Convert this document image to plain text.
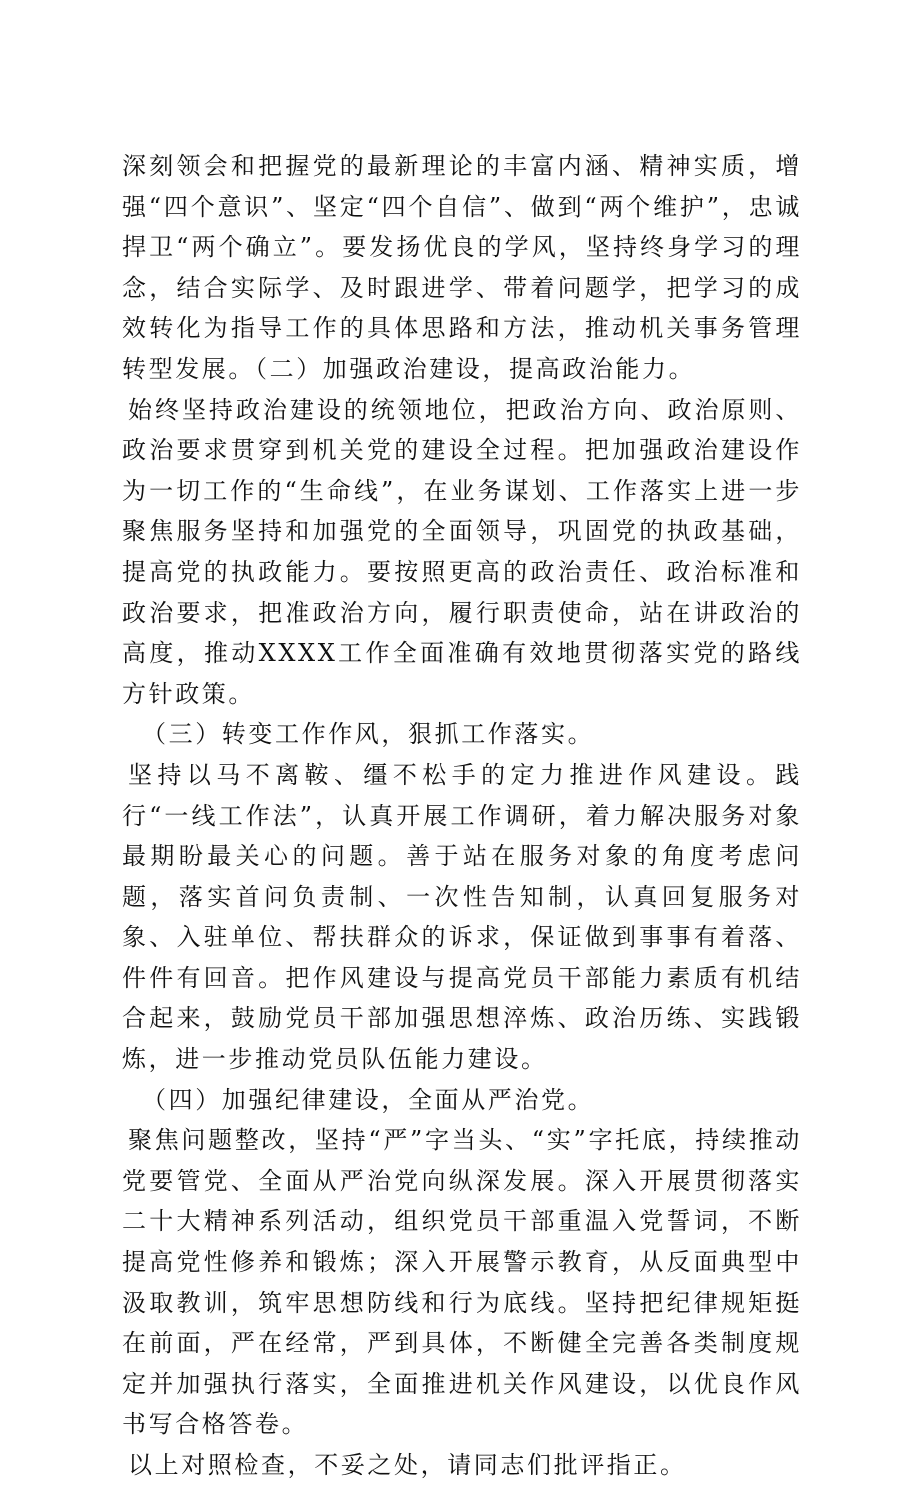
深刻领会和把握党的最新理论的丰富内涵、精神实质，增强“四个意识”、坚定“四个自信”、做到“两个维护”，忠诚捍卫“两个确立”。要发扬优良的学风，坚持终身学习的理念，结合实际学、及时跟进学、带着问题学，把学习的成效转化为指导工作的具体思路和方法，推动机关事务管理转型发展。（二）加强政治建设，提高政治能力。

始终坚持政治建设的统领地位，把政治方向、政治原则、政治要求贯穿到机关党的建设全过程。把加强政治建设作为一切工作的“生命线”，在业务谋划、工作落实上进一步聚焦服务坚持和加强党的全面领导，巩固党的执政基础，提高党的执政能力。要按照更高的政治责任、政治标准和政治要求，把准政治方向，履行职责使命，站在讲政治的高度，推动XXXX工作全面准确有效地贯彻落实党的路线方针政策。

（三）转变工作作风，狠抓工作落实。

坚持以马不离鞍、缰不松手的定力推进作风建设。践行“一线工作法”，认真开展工作调研，着力解决服务对象最期盼最关心的问题。善于站在服务对象的角度考虑问题，落实首问负责制、一次性告知制，认真回复服务对象、入驻单位、帮扶群众的诉求，保证做到事事有着落、件件有回音。把作风建设与提高党员干部能力素质有机结合起来，鼓励党员干部加强思想淬炼、政治历练、实践锻炼，进一步推动党员队伍能力建设。

（四）加强纪律建设，全面从严治党。

聚焦问题整改，坚持“严”字当头、“实”字托底，持续推动党要管党、全面从严治党向纵深发展。深入开展贯彻落实二十大精神系列活动，组织党员干部重温入党誓词，不断提高党性修养和锻炼；深入开展警示教育，从反面典型中汲取教训，筑牢思想防线和行为底线。坚持把纪律规矩挺在前面，严在经常，严到具体，不断健全完善各类制度规定并加强执行落实，全面推进机关作风建设，以优良作风书写合格答卷。

以上对照检查，不妥之处，请同志们批评指正。
